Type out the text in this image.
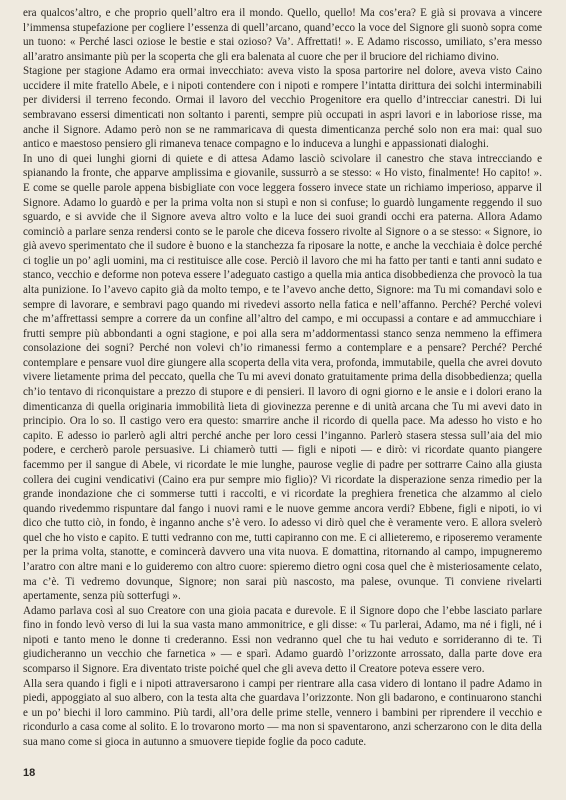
era qualcos’altro, e che proprio quell’altro era il mondo. Quello, quello! Ma cos’era? E già si provava a vincere l’immensa stupefazione per cogliere l’essenza di quell’arcano, quand’ecco la voce del Signore gli suonò sopra come un tuono: « Perché lasci oziose le bestie e stai ozioso? Va’. Affrettati! ». E Adamo riscosso, umiliato, s’era messo all’aratro ansimante più per la scoperta che gli era balenata al cuore che per il bruciore del richiamo divino.

Stagione per stagione Adamo era ormai invecchiato: aveva visto la sposa partorire nel dolore, aveva visto Caino uccidere il mite fratello Abele, e i nipoti contendere con i nipoti e rompere l’intatta dirittura dei solchi interminabili per dividersi il terreno fecondo. Ormai il lavoro del vecchio Progenitore era quello d’intrecciar canestri. Di lui sembravano essersi dimenticati non soltanto i parenti, sempre più occupati in aspri lavori e in laboriose risse, ma anche il Signore. Adamo però non se ne rammaricava di questa dimenticanza perché solo non era mai: qual suo antico e maestoso pensiero gli rimaneva tenace compagno e lo induceva a lunghi e appassionati dialoghi.

In uno di quei lunghi giorni di quiete e di attesa Adamo lasciò scivolare il canestro che stava intrecciando e spianando la fronte, che apparve amplissima e giovanile, sussurrò a se stesso: « Ho visto, finalmente! Ho capito! ». E come se quelle parole appena bisbigliate con voce leggera fossero invece state un richiamo imperioso, apparve il Signore. Adamo lo guardò e per la prima volta non si stupì e non si confuse; lo guardò lungamente reggendo il suo sguardo, e si avvide che il Signore aveva altro volto e la luce dei suoi grandi occhi era paterna. Allora Adamo cominciò a parlare senza rendersi conto se le parole che diceva fossero rivolte al Signore o a se stesso: « Signore, io già avevo sperimentato che il sudore è buono e la stanchezza fa riposare la notte, e anche la vecchiaia è dolce perché ci toglie un po’ agli uomini, ma ci restituisce alle cose. Perciò il lavoro che mi ha fatto per tanti e tanti anni sudato e stanco, vecchio e deforme non poteva essere l’adeguato castigo a quella mia antica disobbedienza che provocò la tua alta punizione. Io l’avevo capito già da molto tempo, e te l’avevo anche detto, Signore: ma Tu mi comandavi solo e sempre di lavorare, e sembravi pago quando mi rivedevi assorto nella fatica e nell’affanno. Perché? Perché volevi che m’affrettassi sempre a correre da un confine all’altro del campo, e mi occupassi a contare e ad ammucchiare i frutti sempre più abbondanti a ogni stagione, e poi alla sera m’addormentassi stanco senza nemmeno la effimera consolazione dei sogni? Perché non volevi ch’io rimanessi fermo a contemplare e a pensare? Perché? Perché contemplare e pensare vuol dire giungere alla scoperta della vita vera, profonda, immutabile, quella che avrei dovuto vivere lietamente prima del peccato, quella che Tu mi avevi donato gratuitamente prima della disobbedienza; quella ch’io tentavo di riconquistare a prezzo di stupore e di pensieri. Il lavoro di ogni giorno e le ansie e i dolori erano la dimenticanza di quella originaria immobilità lieta di giovinezza perenne e di unità arcana che Tu mi avevi dato in principio. Ora lo so. Il castigo vero era questo: smarrire anche il ricordo di quella pace. Ma adesso ho visto e ho capito. E adesso io parlerò agli altri perché anche per loro cessi l’inganno. Parlerò stasera stessa sull’aia del mio podere, e cercherò parole persuasive. Li chiamerò tutti — figli e nipoti — e dirò: vi ricordate quanto piangere facemmo per il sangue di Abele, vi ricordate le mie lunghe, paurose veglie di padre per sottrarre Caino alla giusta collera dei cugini vendicativi (Caino era pur sempre mio figlio)? Vi ricordate la disperazione senza rimedio per la grande inondazione che ci sommerse tutti i raccolti, e vi ricordate la preghiera frenetica che alzammo al cielo quando rivedemmo rispuntare dal fango i nuovi rami e le nuove gemme ancora verdi? Ebbene, figli e nipoti, io vi dico che tutto ciò, in fondo, è inganno anche s’è vero. Io adesso vi dirò quel che è veramente vero. E allora svelerò quel che ho visto e capito. E tutti vedranno con me, tutti capiranno con me. E ci allieteremo, e riposeremo veramente per la prima volta, stanotte, e comincerà davvero una vita nuova. E domattina, ritornando al campo, impugneremo l’aratro con altre mani e lo guideremo con altro cuore: spieremo dietro ogni cosa quel che è misteriosamente celato, ma c’è. Ti vedremo dovunque, Signore; non sarai più nascosto, ma palese, ovunque. Ti conviene rivelarti apertamente, senza più sotterfugi ».

Adamo parlava così al suo Creatore con una gioia pacata e durevole. E il Signore dopo che l’ebbe lasciato parlare fino in fondo levò verso di lui la sua vasta mano ammonitrice, e gli disse: « Tu parlerai, Adamo, ma né i figli, né i nipoti e tanto meno le donne ti crederanno. Essi non vedranno quel che tu hai veduto e sorrideranno di te. Ti giudicheranno un vecchio che farnetica » — e sparì. Adamo guardò l’orizzonte arrossato, dalla parte dove era scomparso il Signore. Era diventato triste poiché quel che gli aveva detto il Creatore poteva essere vero.

Alla sera quando i figli e i nipoti attraversarono i campi per rientrare alla casa videro di lontano il padre Adamo in piedi, appoggiato al suo albero, con la testa alta che guardava l’orizzonte. Non gli badarono, e continuarono stanchi e un po’ biechi il loro cammino. Più tardi, all’ora delle prime stelle, vennero i bambini per riprendere il vecchio e ricondurlo a casa come al solito. E lo trovarono morto — ma non si spaventarono, anzi scherzarono con le dita della sua mano come si gioca in autunno a smuovere tiepide foglie da poco cadute.

18
